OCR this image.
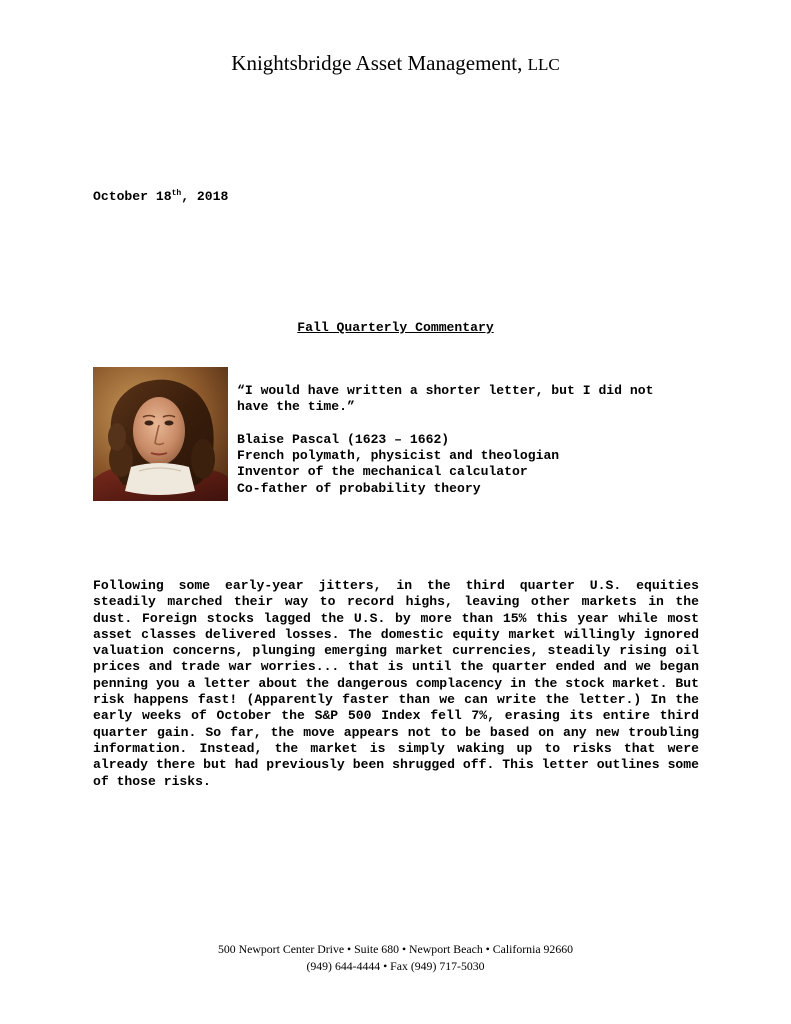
Knightsbridge Asset Management, LLC
October 18th, 2018
Fall Quarterly Commentary

“I would have written a shorter letter, but I did not
have the time.”

Blaise Pascal (1623 – 1662)
French polymath, physicist and theologian
Inventor of the mechanical calculator
Co-father of probability theory

Following some early-year jitters, in the third quarter U.S. equities steadily marched their way to record highs, leaving other markets in the dust. Foreign stocks lagged the U.S. by more than 15% this year while most asset classes delivered losses. The domestic equity market willingly ignored valuation concerns, plunging emerging market currencies, steadily rising oil prices and trade war worries... that is until the quarter ended and we began penning you a letter about the dangerous complacency in the stock market. But risk happens fast! (Apparently faster than we can write the letter.) In the early weeks of October the S&P 500 Index fell 7%, erasing its entire third quarter gain. So far, the move appears not to be based on any new troubling information. Instead, the market is simply waking up to risks that were already there but had previously been shrugged off. This letter outlines some of those risks.

500 Newport Center Drive • Suite 680 • Newport Beach • California 92660
(949) 644-4444 • Fax (949) 717-5030
